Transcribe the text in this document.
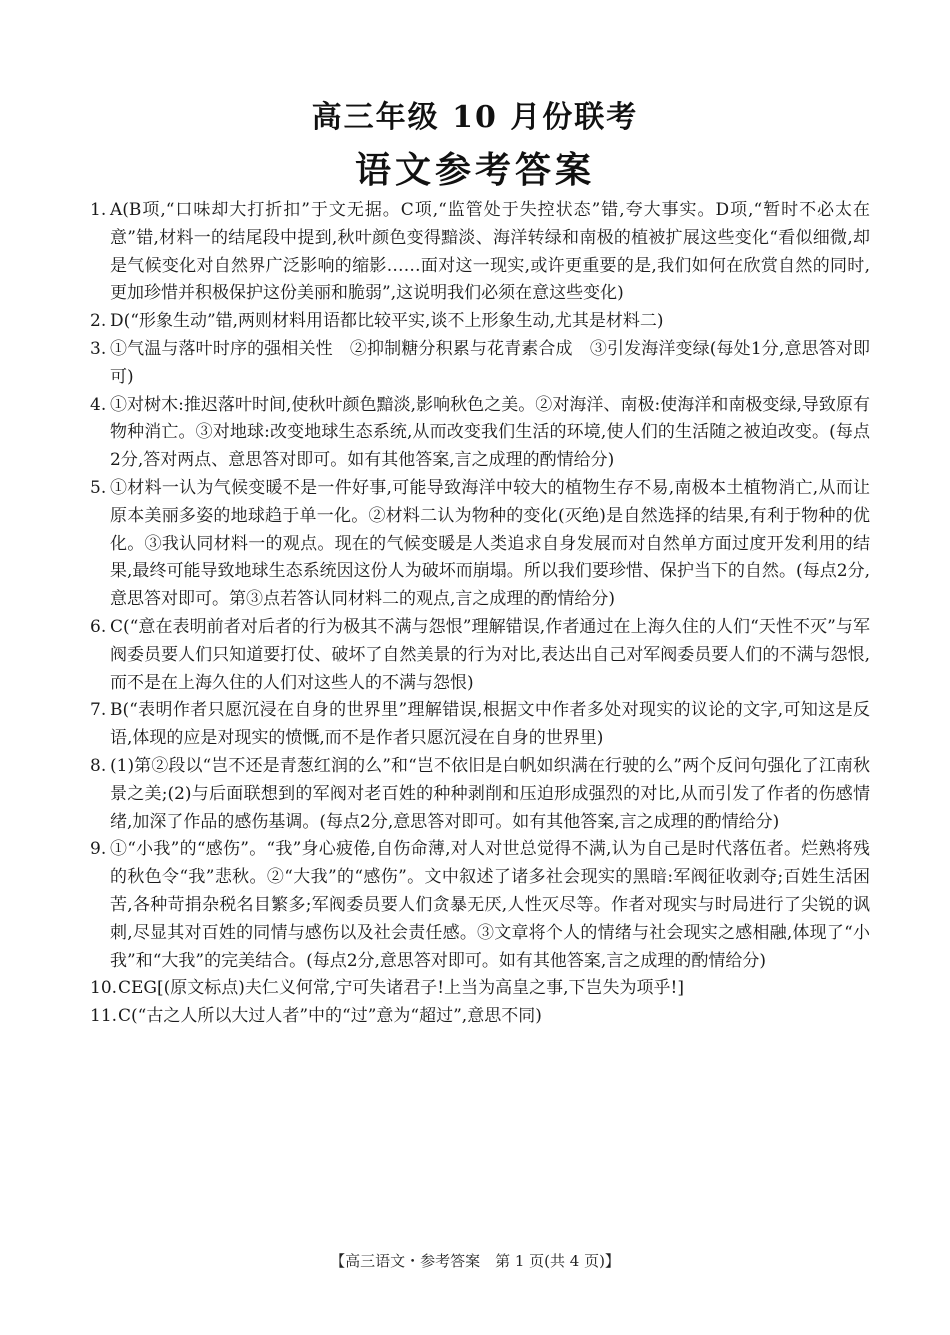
高三年级 10 月份联考
语文参考答案
1. A(B项,“口味却大打折扣”于文无据。C项,“监管处于失控状态”错,夸大事实。D项,“暂时不必太在意”错,材料一的结尾段中提到,秋叶颜色变得黯淡、海洋转绿和南极的植被扩展这些变化“看似细微,却是气候变化对自然界广泛影响的缩影……面对这一现实,或许更重要的是,我们如何在欣赏自然的同时,更加珍惜并积极保护这份美丽和脆弱”,这说明我们必须在意这些变化)
2. D(“形象生动”错,两则材料用语都比较平实,谈不上形象生动,尤其是材料二)
3. ①气温与落叶时序的强相关性　②抑制糖分积累与花青素合成　③引发海洋变绿(每处1分,意思答对即可)
4. ①对树木:推迟落叶时间,使秋叶颜色黯淡,影响秋色之美。②对海洋、南极:使海洋和南极变绿,导致原有物种消亡。③对地球:改变地球生态系统,从而改变我们生活的环境,使人们的生活随之被迫改变。(每点2分,答对两点、意思答对即可。如有其他答案,言之成理的酌情给分)
5. ①材料一认为气候变暖不是一件好事,可能导致海洋中较大的植物生存不易,南极本土植物消亡,从而让原本美丽多姿的地球趋于单一化。②材料二认为物种的变化(灭绝)是自然选择的结果,有利于物种的优化。③我认同材料一的观点。现在的气候变暖是人类追求自身发展而对自然单方面过度开发利用的结果,最终可能导致地球生态系统因这份人为破坏而崩塌。所以我们要珍惜、保护当下的自然。(每点2分,意思答对即可。第③点若答认同材料二的观点,言之成理的酌情给分)
6. C(“意在表明前者对后者的行为极其不满与怨恨”理解错误,作者通过在上海久住的人们“天性不灭”与军阀委员要人们只知道要打仗、破坏了自然美景的行为对比,表达出自己对军阀委员要人们的不满与怨恨,而不是在上海久住的人们对这些人的不满与怨恨)
7. B(“表明作者只愿沉浸在自身的世界里”理解错误,根据文中作者多处对现实的议论的文字,可知这是反语,体现的应是对现实的愤慨,而不是作者只愿沉浸在自身的世界里)
8. (1)第②段以“岂不还是青葱红润的么”和“岂不依旧是白帆如织满在行驶的么”两个反问句强化了江南秋景之美;(2)与后面联想到的军阀对老百姓的种种剥削和压迫形成强烈的对比,从而引发了作者的伤感情绪,加深了作品的感伤基调。(每点2分,意思答对即可。如有其他答案,言之成理的酌情给分)
9. ①“小我”的“感伤”。“我”身心疲倦,自伤命薄,对人对世总觉得不满,认为自己是时代落伍者。烂熟将残的秋色令“我”悲秋。②“大我”的“感伤”。文中叙述了诸多社会现实的黑暗:军阀征收剥夺;百姓生活困苦,各种苛捐杂税名目繁多;军阀委员要人们贪暴无厌,人性灭尽等。作者对现实与时局进行了尖锐的讽刺,尽显其对百姓的同情与感伤以及社会责任感。③文章将个人的情绪与社会现实之感相融,体现了“小我”和“大我”的完美结合。(每点2分,意思答对即可。如有其他答案,言之成理的酌情给分)
10. CEG[(原文标点)夫仁义何常,宁可失诸君子!上当为高皇之事,下岂失为项乎!]
11. C(“古之人所以大过人者”中的“过”意为“超过”,意思不同)
【高三语文・参考答案　第 1 页(共 4 页)】
